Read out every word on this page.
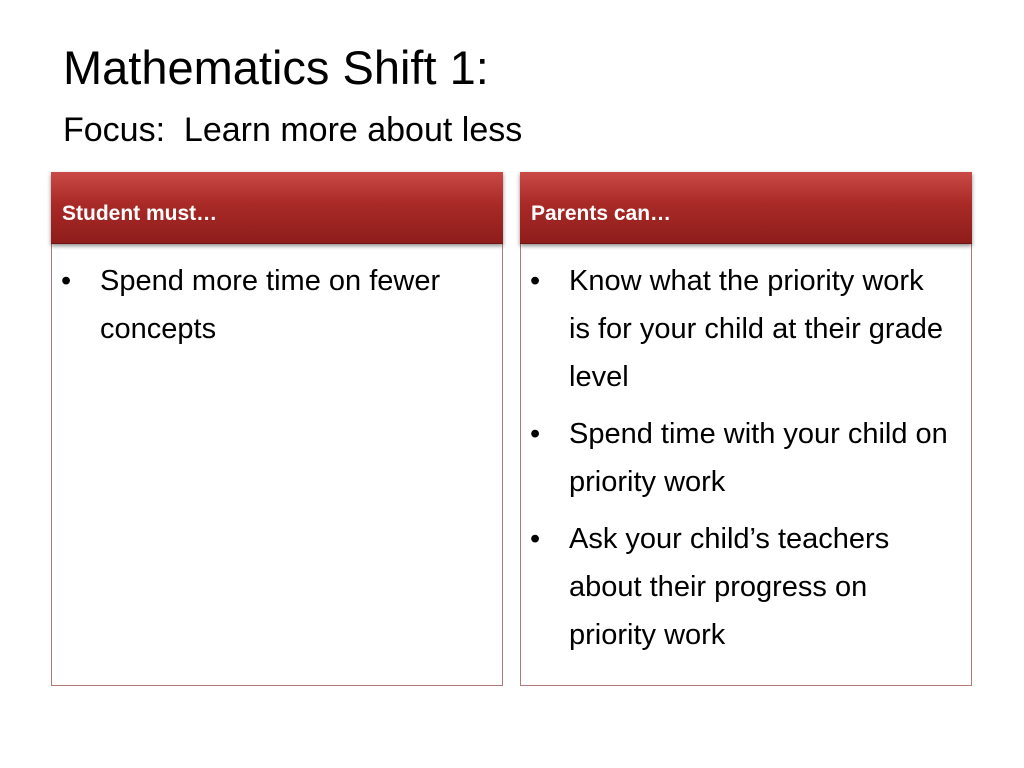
Mathematics Shift 1:
Focus:  Learn more about less
Student must…
• Spend more time on fewer concepts
Parents can…
• Know what the priority work is for your child at their grade level
• Spend time with your child on priority work
• Ask your child’s teachers about their progress on priority work
